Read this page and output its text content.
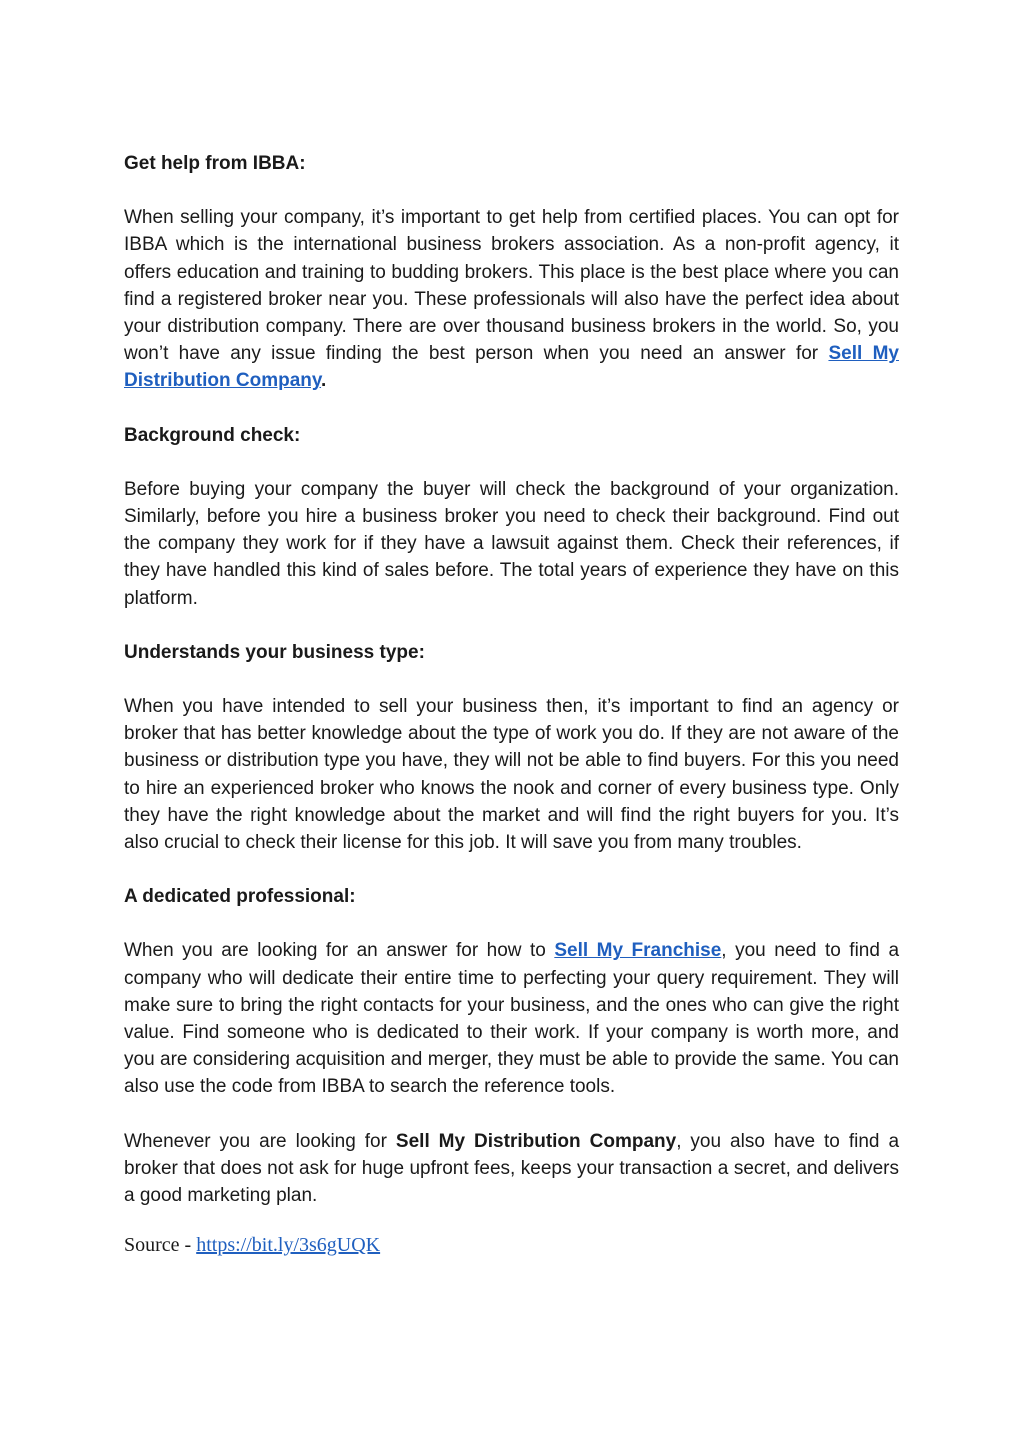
Get help from IBBA:

When selling your company, it’s important to get help from certified places. You can opt for IBBA which is the international business brokers association. As a non-profit agency, it offers education and training to budding brokers. This place is the best place where you can find a registered broker near you. These professionals will also have the perfect idea about your distribution company. There are over thousand business brokers in the world. So, you won’t have any issue finding the best person when you need an answer for Sell My Distribution Company.

Background check:

Before buying your company the buyer will check the background of your organization. Similarly, before you hire a business broker you need to check their background. Find out the company they work for if they have a lawsuit against them. Check their references, if they have handled this kind of sales before. The total years of experience they have on this platform.

Understands your business type:

When you have intended to sell your business then, it’s important to find an agency or broker that has better knowledge about the type of work you do. If they are not aware of the business or distribution type you have, they will not be able to find buyers. For this you need to hire an experienced broker who knows the nook and corner of every business type. Only they have the right knowledge about the market and will find the right buyers for you. It’s also crucial to check their license for this job. It will save you from many troubles.

A dedicated professional:

When you are looking for an answer for how to Sell My Franchise, you need to find a company who will dedicate their entire time to perfecting your query requirement. They will make sure to bring the right contacts for your business, and the ones who can give the right value. Find someone who is dedicated to their work. If your company is worth more, and you are considering acquisition and merger, they must be able to provide the same. You can also use the code from IBBA to search the reference tools.

Whenever you are looking for Sell My Distribution Company, you also have to find a broker that does not ask for huge upfront fees, keeps your transaction a secret, and delivers a good marketing plan.

Source - https://bit.ly/3s6gUQK
